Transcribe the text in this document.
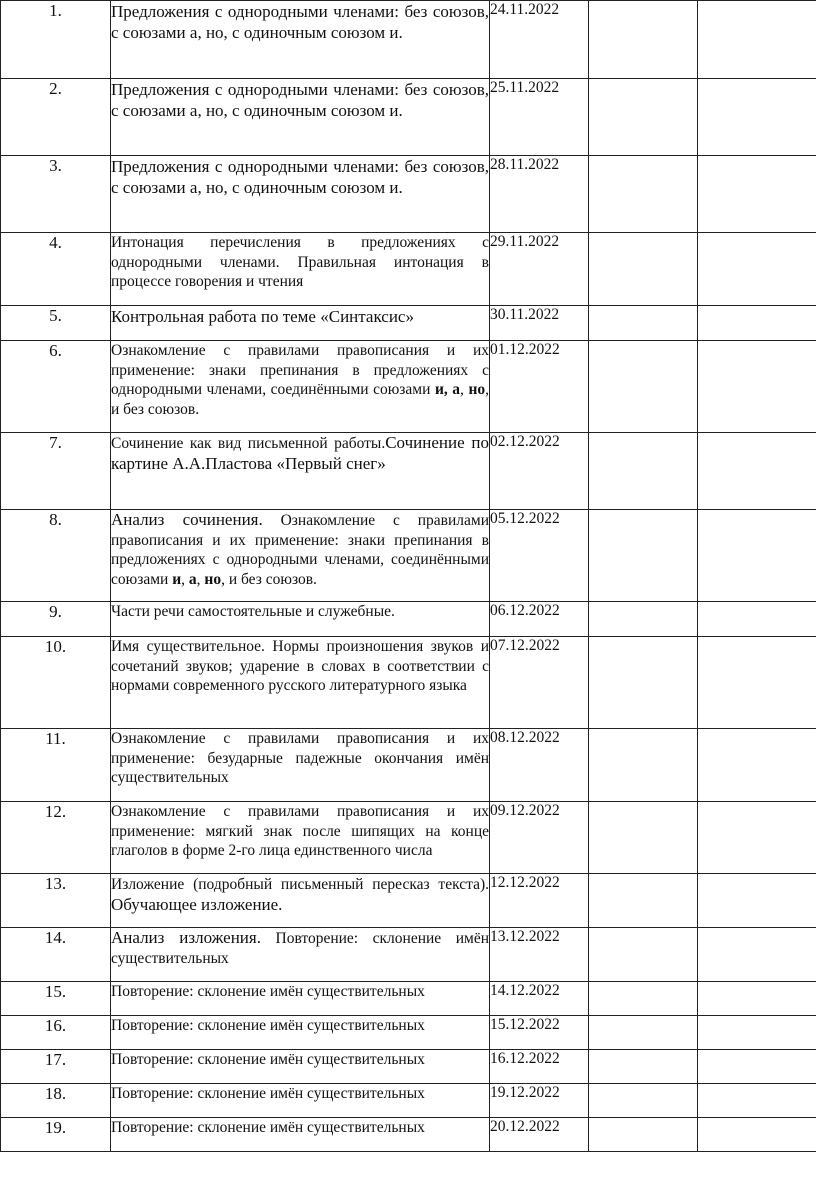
1.	Предложения с однородными членами: без союзов, с союзами а, но, с одиночным союзом и.	24.11.2022		
2.	Предложения с однородными членами: без союзов, с союзами а, но, с одиночным союзом и.	25.11.2022		
3.	Предложения с однородными членами: без союзов, с союзами а, но, с одиночным союзом и.	28.11.2022		
4.	Интонация перечисления в предложениях с однородными членами. Правильная интонация в процессе говорения и чтения	29.11.2022		
5.	Контрольная работа по теме «Синтаксис»	30.11.2022		
6.	Ознакомление с правилами правописания и их применение: знаки препинания в предложениях с однородными членами, соединёнными союзами и, а, но, и без союзов.	01.12.2022		
7.	Сочинение как вид письменной работы.Сочинение по картине А.А.Пластова «Первый снег»	02.12.2022		
8.	Анализ сочинения. Ознакомление с правилами правописания и их применение: знаки препинания в предложениях с однородными членами, соединёнными союзами и, а, но, и без союзов.	05.12.2022		
9.	Части речи самостоятельные и служебные.	06.12.2022		
10.	Имя существительное. Нормы произношения звуков и сочетаний звуков; ударение в словах в соответствии с нормами современного русского литературного языка	07.12.2022		
11.	Ознакомление с правилами правописания и их применение: безударные падежные окончания имён существительных	08.12.2022		
12.	Ознакомление с правилами правописания и их применение: мягкий знак после шипящих на конце глаголов в форме 2-го лица единственного числа	09.12.2022		
13.	Изложение (подробный письменный пересказ текста). Обучающее изложение.	12.12.2022		
14.	Анализ изложения. Повторение: склонение имён существительных	13.12.2022		
15.	Повторение: склонение имён существительных	14.12.2022		
16.	Повторение: склонение имён существительных	15.12.2022		
17.	Повторение: склонение имён существительных	16.12.2022		
18.	Повторение: склонение имён существительных	19.12.2022		
19.	Повторение: склонение имён существительных	20.12.2022		
